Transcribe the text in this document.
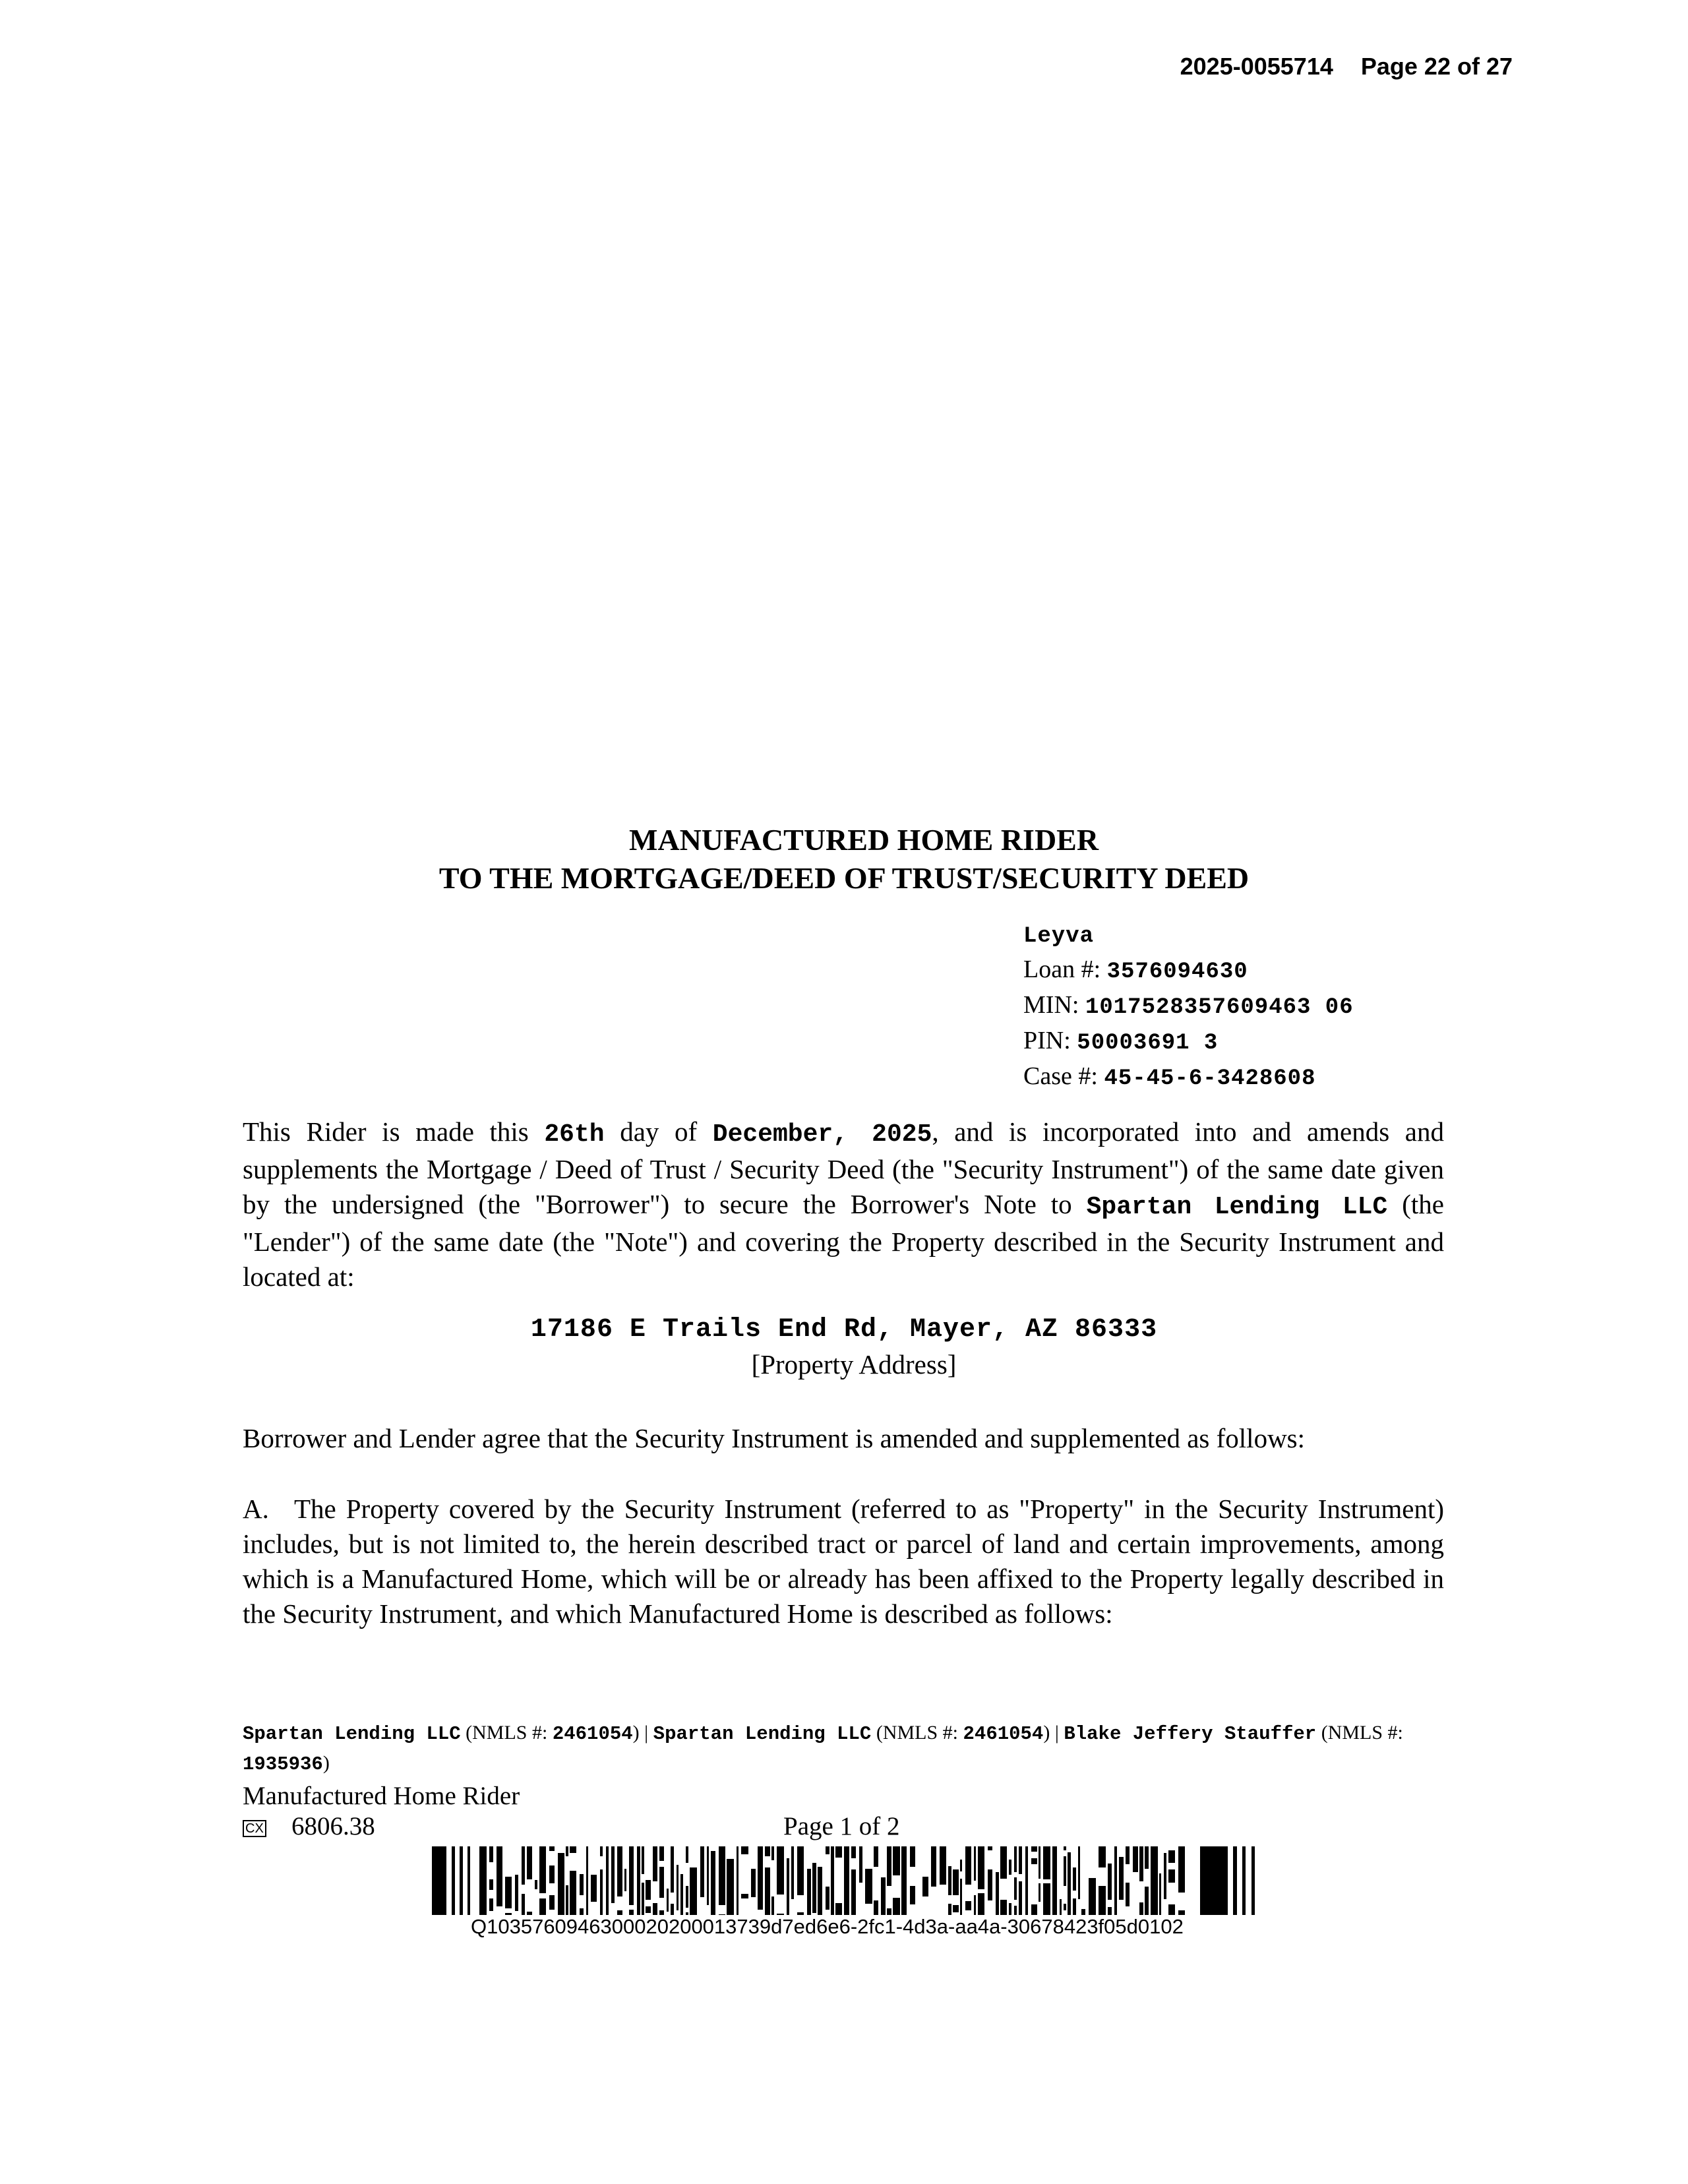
2025-0055714 Page 22 of 27
MANUFACTURED HOME RIDER
TO THE MORTGAGE/DEED OF TRUST/SECURITY DEED
Leyva
Loan #: 3576094630
MIN: 1017528357609463 06
PIN: 50003691 3
Case #: 45-45-6-3428608
This Rider is made this 26th day of December, 2025, and is incorporated into and amends and supplements the Mortgage / Deed of Trust / Security Deed (the "Security Instrument") of the same date given by the undersigned (the "Borrower") to secure the Borrower's Note to Spartan Lending LLC (the "Lender") of the same date (the "Note") and covering the Property described in the Security Instrument and located at:
17186 E Trails End Rd, Mayer, AZ 86333
[Property Address]
Borrower and Lender agree that the Security Instrument is amended and supplemented as follows:
A. The Property covered by the Security Instrument (referred to as "Property" in the Security Instrument) includes, but is not limited to, the herein described tract or parcel of land and certain improvements, among which is a Manufactured Home, which will be or already has been affixed to the Property legally described in the Security Instrument, and which Manufactured Home is described as follows:
Spartan Lending LLC (NMLS #: 2461054) | Spartan Lending LLC (NMLS #: 2461054) | Blake Jeffery Stauffer (NMLS #: 1935936)
Manufactured Home Rider
CX 6806.38	Page 1 of 2
Q1035760946300020200013739d7ed6e6-2fc1-4d3a-aa4a-30678423f05d0102
